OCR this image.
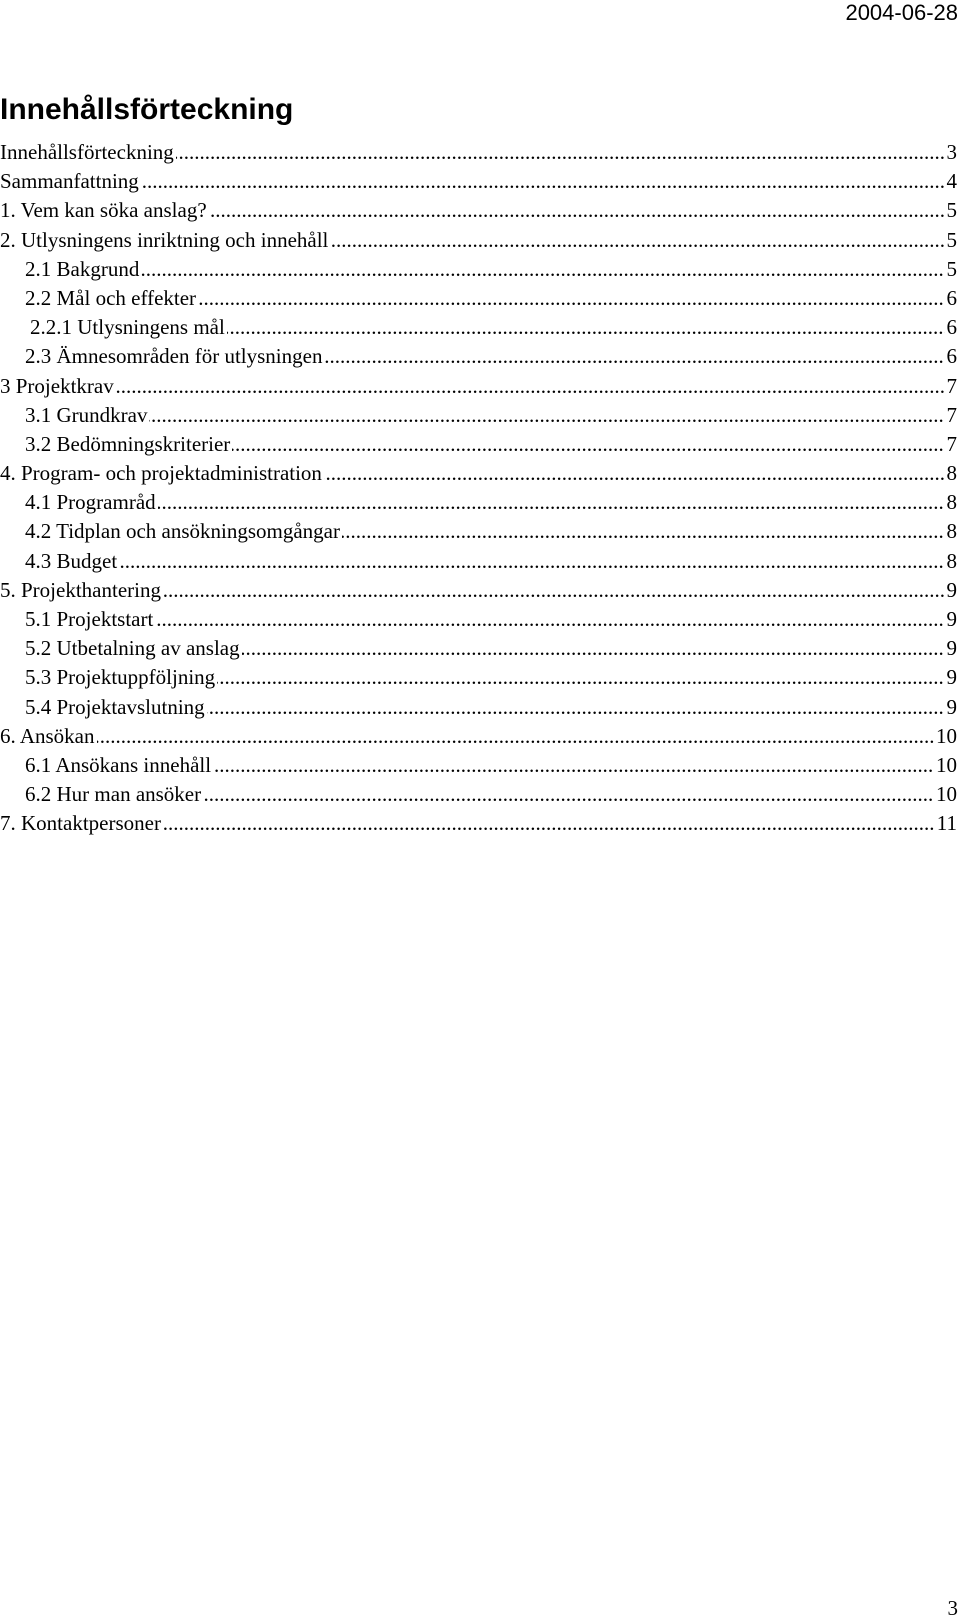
2004-06-28
Innehållsförteckning
Innehållsförteckning	3
.....
Sammanfattning	4
.....
1. Vem kan söka anslag?	5
.....
2. Utlysningens inriktning och innehåll	5
.....
2.1 Bakgrund	5
.....
2.2 Mål och effekter	6
.....
2.2.1 Utlysningens mål	6
.....
2.3 Ämnesområden för utlysningen	6
.....
3 Projektkrav	7
.....
3.1 Grundkrav	7
.....
3.2 Bedömningskriterier	7
.....
4. Program- och projektadministration	8
.....
4.1 Programråd	8
.....
4.2 Tidplan och ansökningsomgångar	8
.....
4.3 Budget	8
.....
5. Projekthantering	9
.....
5.1 Projektstart	9
.....
5.2 Utbetalning av anslag	9
.....
5.3 Projektuppföljning	9
.....
5.4 Projektavslutning	9
.....
6. Ansökan	10
.....
6.1 Ansökans innehåll	10
.....
6.2 Hur man ansöker	10
.....
7. Kontaktpersoner	11
.....
3
